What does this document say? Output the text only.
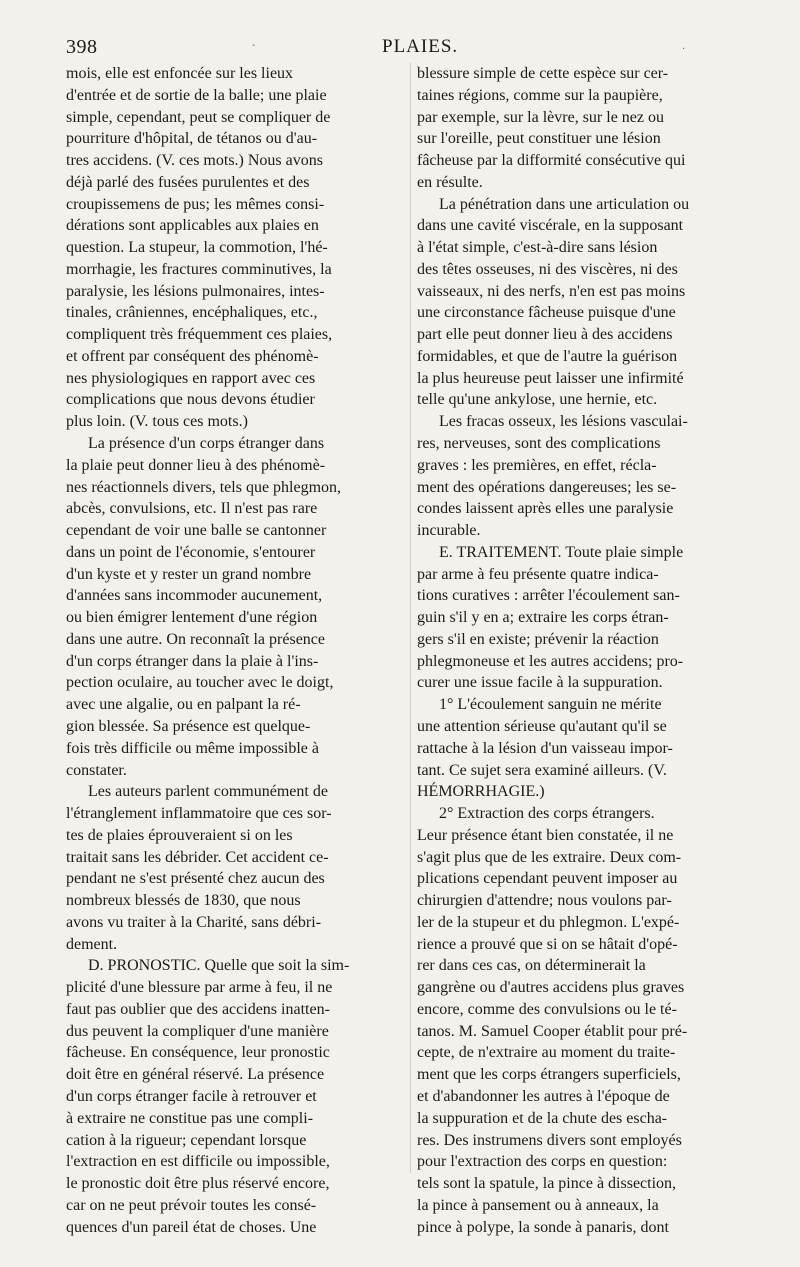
398	-	PLAIES.	·
mois, elle est enfoncée sur les lieux
d'entrée et de sortie de la balle; une plaie
simple, cependant, peut se compliquer de
pourriture d'hôpital, de tétanos ou d'au-
tres accidens. (V. ces mots.) Nous avons
déjà parlé des fusées purulentes et des
croupissemens de pus; les mêmes consi-
dérations sont applicables aux plaies en
question. La stupeur, la commotion, l'hé-
morrhagie, les fractures comminutives, la
paralysie, les lésions pulmonaires, intes-
tinales, crâniennes, encéphaliques, etc.,
compliquent très fréquemment ces plaies,
et offrent par conséquent des phénomè-
nes physiologiques en rapport avec ces
complications que nous devons étudier
plus loin. (V. tous ces mots.)
La présence d'un corps étranger dans
la plaie peut donner lieu à des phénomè-
nes réactionnels divers, tels que phlegmon,
abcès, convulsions, etc. Il n'est pas rare
cependant de voir une balle se cantonner
dans un point de l'économie, s'entourer
d'un kyste et y rester un grand nombre
d'années sans incommoder aucunement,
ou bien émigrer lentement d'une région
dans une autre. On reconnaît la présence
d'un corps étranger dans la plaie à l'ins-
pection oculaire, au toucher avec le doigt,
avec une algalie, ou en palpant la ré-
gion blessée. Sa présence est quelque-
fois très difficile ou même impossible à
constater.
Les auteurs parlent communément de
l'étranglement inflammatoire que ces sor-
tes de plaies éprouveraient si on les
traitait sans les débrider. Cet accident ce-
pendant ne s'est présenté chez aucun des
nombreux blessés de 1830, que nous
avons vu traiter à la Charité, sans débri-
dement.
D. PRONOSTIC. Quelle que soit la sim-
plicité d'une blessure par arme à feu, il ne
faut pas oublier que des accidens inatten-
dus peuvent la compliquer d'une manière
fâcheuse. En conséquence, leur pronostic
doit être en général réservé. La présence
d'un corps étranger facile à retrouver et
à extraire ne constitue pas une compli-
cation à la rigueur; cependant lorsque
l'extraction en est difficile ou impossible,
le pronostic doit être plus réservé encore,
car on ne peut prévoir toutes les consé-
quences d'un pareil état de choses. Une
blessure simple de cette espèce sur cer-
taines régions, comme sur la paupière,
par exemple, sur la lèvre, sur le nez ou
sur l'oreille, peut constituer une lésion
fâcheuse par la difformité consécutive qui
en résulte.
La pénétration dans une articulation ou
dans une cavité viscérale, en la supposant
à l'état simple, c'est-à-dire sans lésion
des têtes osseuses, ni des viscères, ni des
vaisseaux, ni des nerfs, n'en est pas moins
une circonstance fâcheuse puisque d'une
part elle peut donner lieu à des accidens
formidables, et que de l'autre la guérison
la plus heureuse peut laisser une infirmité
telle qu'une ankylose, une hernie, etc.
Les fracas osseux, les lésions vasculai-
res, nerveuses, sont des complications
graves : les premières, en effet, récla-
ment des opérations dangereuses; les se-
condes laissent après elles une paralysie
incurable.
E. TRAITEMENT. Toute plaie simple
par arme à feu présente quatre indica-
tions curatives : arrêter l'écoulement san-
guin s'il y en a; extraire les corps étran-
gers s'il en existe; prévenir la réaction
phlegmoneuse et les autres accidens; pro-
curer une issue facile à la suppuration.
1° L'écoulement sanguin ne mérite
une attention sérieuse qu'autant qu'il se
rattache à la lésion d'un vaisseau impor-
tant. Ce sujet sera examiné ailleurs. (V.
HÉMORRHAGIE.)
2° Extraction des corps étrangers.
Leur présence étant bien constatée, il ne
s'agit plus que de les extraire. Deux com-
plications cependant peuvent imposer au
chirurgien d'attendre; nous voulons par-
ler de la stupeur et du phlegmon. L'expé-
rience a prouvé que si on se hâtait d'opé-
rer dans ces cas, on déterminerait la
gangrène ou d'autres accidens plus graves
encore, comme des convulsions ou le té-
tanos. M. Samuel Cooper établit pour pré-
cepte, de n'extraire au moment du traite-
ment que les corps étrangers superficiels,
et d'abandonner les autres à l'époque de
la suppuration et de la chute des escha-
res. Des instrumens divers sont employés
pour l'extraction des corps en question:
tels sont la spatule, la pince à dissection,
la pince à pansement ou à anneaux, la
pince à polype, la sonde à panaris, dont
